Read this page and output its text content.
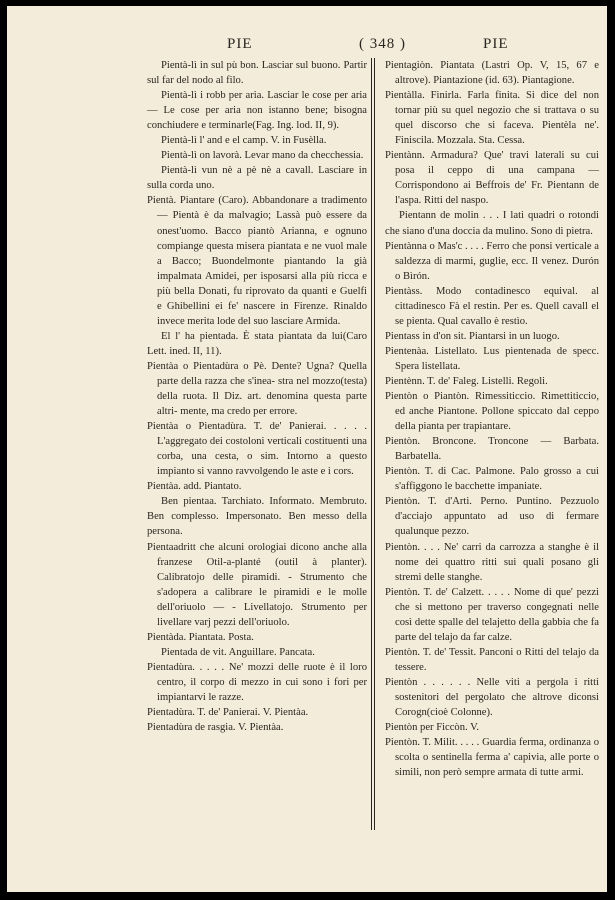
PIE	( 348 )	PIE

Pientà-lì in sul pù bon. Lasciar sul buono. Partir sul far del nodo al filo.

Pientà-lì i robb per aria. Lasciar le cose per aria — Le cose per aria non istanno bene; bisogna conchiudere e terminarle(Fag. Ing. lod. II, 9).

Pientà-lì l' and e el camp. V. in Fusèlla.

Pientà-lì on lavorà. Levar mano da checchessia.

Pientà-lì vun nè a pè nè a cavall. Lasciare in sulla corda uno.

Pientà. Piantare (Caro). Abbandonare a tradimento — Pientà è da malvagio; Lassà può essere da onest'uomo. Bacco piantò Arianna, e ognuno compiange questa misera piantata e ne vuol male a Bacco; Buondelmonte piantando la già impalmata Amidei, per isposarsi alla più ricca e più bella Donati, fu riprovato da quanti e Guelfi e Ghibellini ei fe' nascere in Firenze. Rinaldo invece merita lode del suo lasciare Armida.

El l' ha pientada. È stata piantata da lui(Caro Lett. ined. II, 11).

Pientàa o Pientadùra o Pè. Dente? Ugna? Quella parte della razza che s'inea- stra nel mozzo(testa) della ruota. Il Diz. art. denomina questa parte altri- mente, ma credo per errore.

Pientàa o Pientadùra. T. de' Panierai. . . . . L'aggregato dei costoloni verticali costituenti una corba, una cesta, o sim. Intorno a questo impianto si vanno ravvolgendo le aste e i cors.

Pientàa. add. Piantato.

Ben pientaa. Tarchiato. Informato. Membruto. Ben complesso. Impersonato. Ben messo della persona.

Pientaadritt che alcuni orologiai dicono anche alla franzese Otil-a-planté (outil à planter). Calibratojo delle piramidi. - Strumento che s'adopera a calibrare le piramidi e le molle dell'oriuolo — - Livellatojo. Strumento per livellare varj pezzi dell'oriuolo.

Pientàda. Piantata. Posta.

Pientada de vit. Anguillare. Pancata.

Pientadùra. . . . . Ne' mozzi delle ruote è il loro centro, il corpo di mezzo in cui sono i fori per impiantarvi le razze.

Pientadùra. T. de' Panierai. V. Pientàa.

Pientadùra de rasgia. V. Pientàa.

Pientagiòn. Piantata (Lastri Op. V, 15, 67 e altrove). Piantazione (id. 63). Piantagione.

Pientàlla. Finirla. Farla finita. Si dice del non tornar più su quel negozio che si trattava o su quel discorso che si faceva. Pientèla ne'. Finiscila. Mozzala. Sta. Cessa.

Pientànn. Armadura? Que' travi laterali su cui posa il ceppo di una campana — Corrispondono ai Beffrois de' Fr. Pientann de l'aspa. Ritti del naspo.

Pientann de molin . . . I lati quadri o rotondi che siano d'una doccia da mulino. Sono di pietra.

Pientànna o Mas'c . . . . Ferro che ponsi verticale a saldezza di marmi, guglie, ecc. Il venez. Durón o Bìrón.

Pientàss. Modo contadinesco equival. al cittadinesco Fà el restin. Per es. Quell cavall el se pienta. Qual cavallo è restìo.

Pientass in d'on sit. Piantarsi in un luogo.

Pientenàa. Listellato. Lus pientenada de specc. Spera listellata.

Pientènn. T. de' Faleg. Listelli. Regoli.

Pientòn o Piantòn. Rimessiticcio. Rimettiticcio, ed anche Piantone. Pollone spiccato dal ceppo della pianta per trapiantare.

Pientòn. Broncone. Troncone — Barbata. Barbatella.

Pientòn. T. di Cac. Palmone. Palo grosso a cui s'affiggono le bacchette impaniate.

Pientòn. T. d'Arti. Perno. Puntino. Pezzuolo d'acciajo appuntato ad uso di fermare qualunque pezzo.

Pientòn. . . . Ne' carri da carrozza a stanghe è il nome dei quattro ritti sui quali posano gli stremi delle stanghe.

Pientòn. T. de' Calzett. . . . . Nome di que' pezzi che si mettono per traverso congegnati nelle così dette spalle del telajetto della gabbia che fa parte del telajo da far calze.

Pientòn. T. de' Tessit. Panconi o Ritti del telajo da tessere.

Pientòn . . . . . . Nelle viti a pergola i ritti sostenitori del pergolato che altrove diconsi Corogn(cioè Colonne).

Pientòn per Ficcòn. V.

Pientòn. T. Milit. . . . . Guardia ferma, ordinanza o scolta o sentinella ferma a' capivia, alle porte o simili, non però sempre armata di tutte armi.
